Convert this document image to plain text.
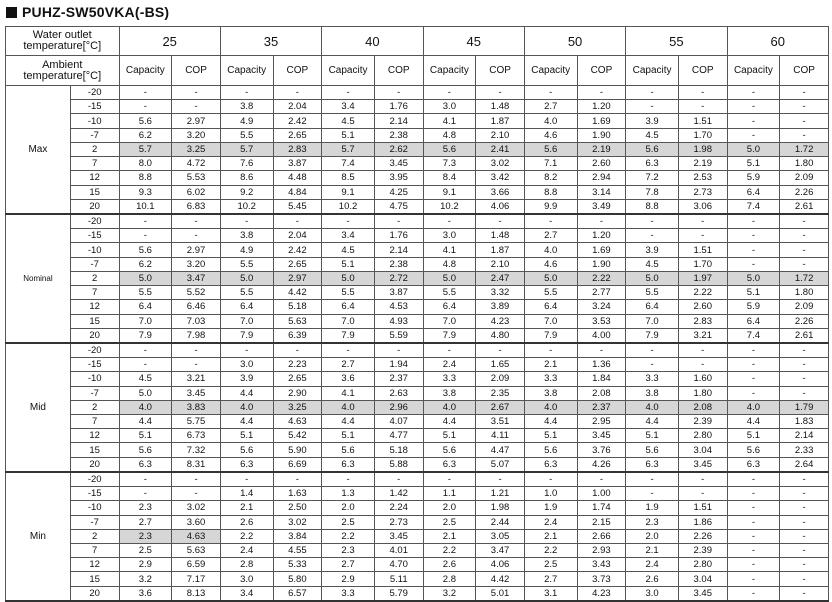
PUHZ-SW50VKA(-BS)
Water outlet temperature[°C]		25		35		40		45		50		55		60	
Ambient temperature[°C]		Capacity	COP	Capacity	COP	Capacity	COP	Capacity	COP	Capacity	COP	Capacity	COP	Capacity	COP
Max	-20	-	-	-	-	-	-	-	-	-	-	-	-	-	-
	-15	-	-	3.8	2.04	3.4	1.76	3.0	1.48	2.7	1.20	-	-	-	-
	-10	5.6	2.97	4.9	2.42	4.5	2.14	4.1	1.87	4.0	1.69	3.9	1.51	-	-
	-7	6.2	3.20	5.5	2.65	5.1	2.38	4.8	2.10	4.6	1.90	4.5	1.70	-	-
	2	5.7	3.25	5.7	2.83	5.7	2.62	5.6	2.41	5.6	2.19	5.6	1.98	5.0	1.72
	7	8.0	4.72	7.6	3.87	7.4	3.45	7.3	3.02	7.1	2.60	6.3	2.19	5.1	1.80
	12	8.8	5.53	8.6	4.48	8.5	3.95	8.4	3.42	8.2	2.94	7.2	2.53	5.9	2.09
	15	9.3	6.02	9.2	4.84	9.1	4.25	9.1	3.66	8.8	3.14	7.8	2.73	6.4	2.26
	20	10.1	6.83	10.2	5.45	10.2	4.75	10.2	4.06	9.9	3.49	8.8	3.06	7.4	2.61
Nominal	-20	-	-	-	-	-	-	-	-	-	-	-	-	-	-
	-15	-	-	3.8	2.04	3.4	1.76	3.0	1.48	2.7	1.20	-	-	-	-
	-10	5.6	2.97	4.9	2.42	4.5	2.14	4.1	1.87	4.0	1.69	3.9	1.51	-	-
	-7	6.2	3.20	5.5	2.65	5.1	2.38	4.8	2.10	4.6	1.90	4.5	1.70	-	-
	2	5.0	3.47	5.0	2.97	5.0	2.72	5.0	2.47	5.0	2.22	5.0	1.97	5.0	1.72
	7	5.5	5.52	5.5	4.42	5.5	3.87	5.5	3.32	5.5	2.77	5.5	2.22	5.1	1.80
	12	6.4	6.46	6.4	5.18	6.4	4.53	6.4	3.89	6.4	3.24	6.4	2.60	5.9	2.09
	15	7.0	7.03	7.0	5.63	7.0	4.93	7.0	4.23	7.0	3.53	7.0	2.83	6.4	2.26
	20	7.9	7.98	7.9	6.39	7.9	5.59	7.9	4.80	7.9	4.00	7.9	3.21	7.4	2.61
Mid	-20	-	-	-	-	-	-	-	-	-	-	-	-	-	-
	-15	-	-	3.0	2.23	2.7	1.94	2.4	1.65	2.1	1.36	-	-	-	-
	-10	4.5	3.21	3.9	2.65	3.6	2.37	3.3	2.09	3.3	1.84	3.3	1.60	-	-
	-7	5.0	3.45	4.4	2.90	4.1	2.63	3.8	2.35	3.8	2.08	3.8	1.80	-	-
	2	4.0	3.83	4.0	3.25	4.0	2.96	4.0	2.67	4.0	2.37	4.0	2.08	4.0	1.79
	7	4.4	5.75	4.4	4.63	4.4	4.07	4.4	3.51	4.4	2.95	4.4	2.39	4.4	1.83
	12	5.1	6.73	5.1	5.42	5.1	4.77	5.1	4.11	5.1	3.45	5.1	2.80	5.1	2.14
	15	5.6	7.32	5.6	5.90	5.6	5.18	5.6	4.47	5.6	3.76	5.6	3.04	5.6	2.33
	20	6.3	8.31	6.3	6.69	6.3	5.88	6.3	5.07	6.3	4.26	6.3	3.45	6.3	2.64
Min	-20	-	-	-	-	-	-	-	-	-	-	-	-	-	-
	-15	-	-	1.4	1.63	1.3	1.42	1.1	1.21	1.0	1.00	-	-	-	-
	-10	2.3	3.02	2.1	2.50	2.0	2.24	2.0	1.98	1.9	1.74	1.9	1.51	-	-
	-7	2.7	3.60	2.6	3.02	2.5	2.73	2.5	2.44	2.4	2.15	2.3	1.86	-	-
	2	2.3	4.63	2.2	3.84	2.2	3.45	2.1	3.05	2.1	2.66	2.0	2.26	-	-
	7	2.5	5.63	2.4	4.55	2.3	4.01	2.2	3.47	2.2	2.93	2.1	2.39	-	-
	12	2.9	6.59	2.8	5.33	2.7	4.70	2.6	4.06	2.5	3.43	2.4	2.80	-	-
	15	3.2	7.17	3.0	5.80	2.9	5.11	2.8	4.42	2.7	3.73	2.6	3.04	-	-
	20	3.6	8.13	3.4	6.57	3.3	5.79	3.2	5.01	3.1	4.23	3.0	3.45	-	-
